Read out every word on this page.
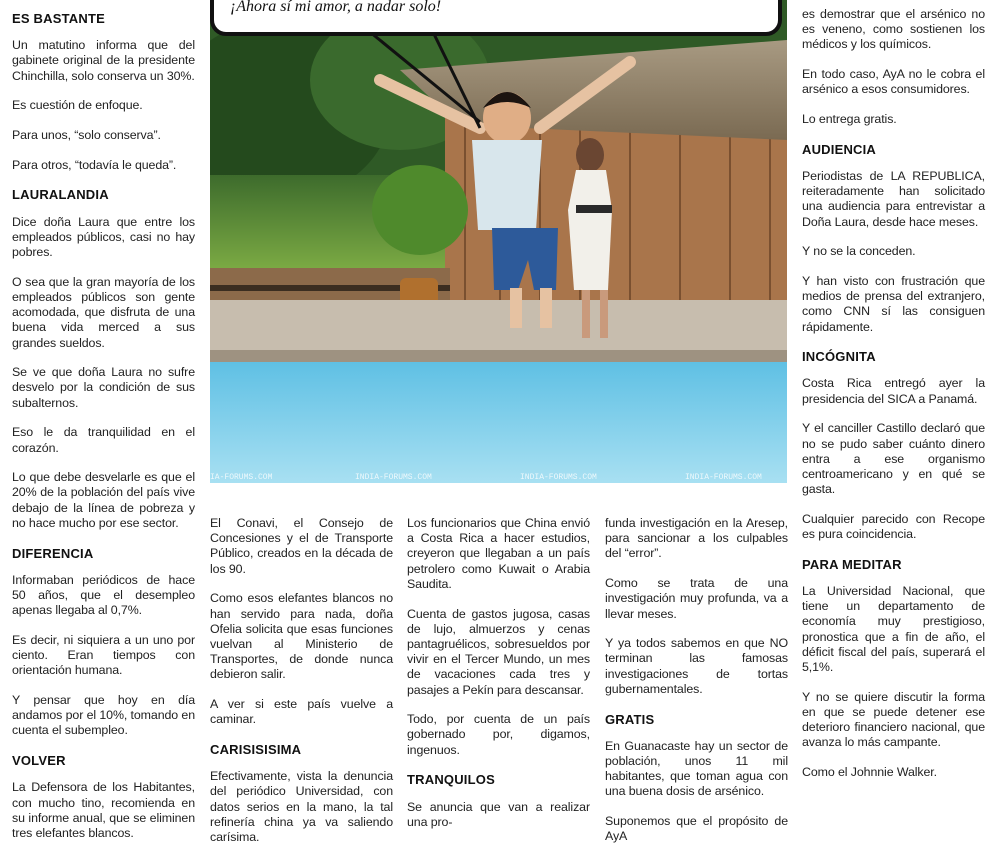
ES BASTANTE

Un matutino informa que del gabinete original de la presidente Chinchilla, solo conserva un 30%.

Es cuestión de enfoque.

Para unos, “solo conserva”.

Para otros, “todavía le queda”.

LAURALANDIA

Dice doña Laura que entre los empleados públicos, casi no hay pobres.

O sea que la gran mayoría de los empleados públicos son gente acomodada, que disfruta de una buena vida merced a sus grandes sueldos.

Se ve que doña Laura no sufre desvelo por la condición de sus subalternos.

Eso le da tranquilidad en el corazón.

Lo que debe desvelarle es que el 20% de la población del país vive debajo de la línea de pobreza y no hace mucho por ese sector.

DIFERENCIA

Informaban periódicos de hace 50 años, que el desempleo apenas llegaba al 0,7%.

Es decir, ni siquiera a un uno por ciento. Eran tiempos con orientación humana.

Y pensar que hoy en día andamos por el 10%, tomando en cuenta el subempleo.

VOLVER

La Defensora de los Habitantes, con mucho tino, recomienda en su informe anual, que se eliminen tres elefantes blancos.

IA-FORUMS.COM	INDIA-FORUMS.COM	INDIA-FORUMS.COM	INDIA-FORUMS.COM
¡Ahora sí mi amor, a nadar solo!

El Conavi, el Consejo de Concesiones y el de Transporte Público, creados en la década de los 90.

Como esos elefantes blancos no han servido para nada, doña Ofelia solicita que esas funciones vuelvan al Ministerio de Transportes, de donde nunca debieron salir.

A ver si este país vuelve a caminar.

CARISISISIMA

Efectivamente, vista la denuncia del periódico Universidad, con datos serios en la mano, la tal refinería china ya va saliendo carísima.

Los funcionarios que China envió a Costa Rica a hacer estudios, creyeron que llegaban a un país petrolero como Kuwait o Arabia Saudita.

Cuenta de gastos jugosa, casas de lujo, almuerzos y cenas pantagruélicos, sobresueldos por vivir en el Tercer Mundo, un mes de vacaciones cada tres y pasajes a Pekín para descansar.

Todo, por cuenta de un país gobernado por, digamos, ingenuos.

TRANQUILOS

Se anuncia que van a realizar una pro-

funda investigación en la Aresep, para sancionar a los culpables del “error”.

Como se trata de una investigación muy profunda, va a llevar meses.

Y ya todos sabemos en que NO terminan las famosas investigaciones de tortas gubernamentales.

GRATIS

En Guanacaste hay un sector de población, unos 11 mil habitantes, que toman agua con una buena dosis de arsénico.

Suponemos que el propósito de AyA

es demostrar que el arsénico no es veneno, como sostienen los médicos y los químicos.

En todo caso, AyA no le cobra el arsénico a esos consumidores.

Lo entrega gratis.

AUDIENCIA

Periodistas de LA REPUBLICA, reiteradamente han solicitado una audiencia para entrevistar a Doña Laura, desde hace meses.

Y no se la conceden.

Y han visto con frustración que medios de prensa del extranjero, como CNN sí las consiguen rápidamente.

INCÓGNITA

Costa Rica entregó ayer la presidencia del SICA a Panamá.

Y el canciller Castillo declaró que no se pudo saber cuánto dinero entra a ese organismo centroamericano y en qué se gasta.

Cualquier parecido con Recope es pura coincidencia.

PARA MEDITAR

La Universidad Nacional, que tiene un departamento de economía muy prestigioso, pronostica que a fin de año, el déficit fiscal del país, superará el 5,1%.

Y no se quiere discutir la forma en que se puede detener ese deterioro financiero nacional, que avanza lo más campante.

Como el Johnnie Walker.
